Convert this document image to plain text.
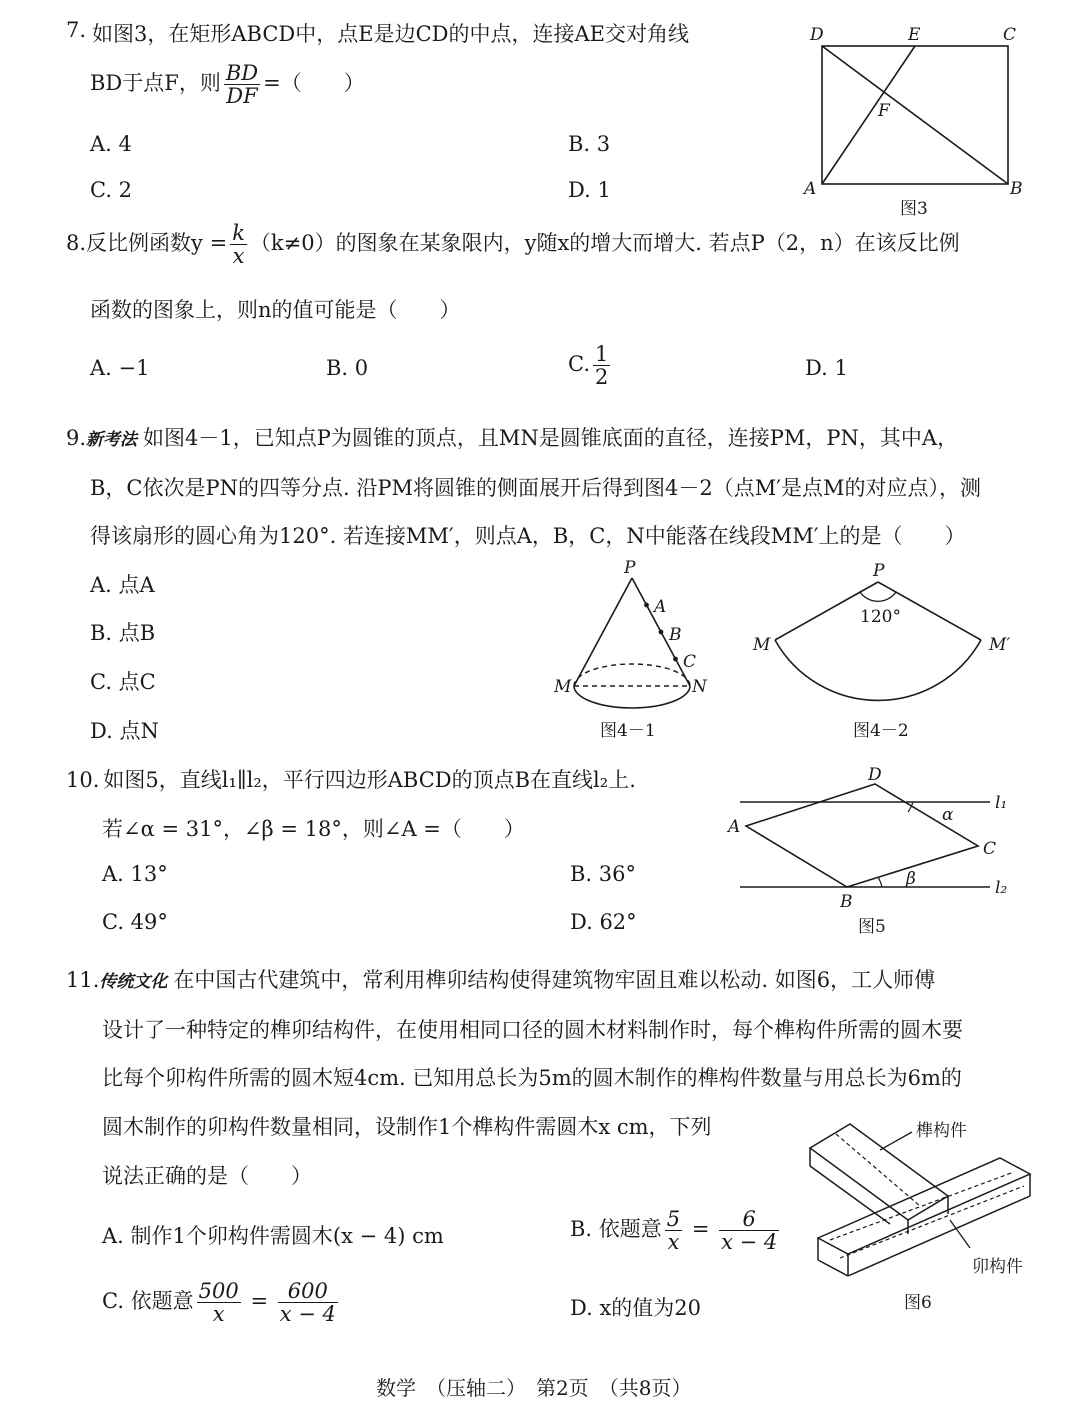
7. 如图3，在矩形ABCD中，点E是边CD的中点，连接AE交对角线
BD于点F，则 $\frac{BD}{DF}$ =（　　）
A. 4	B. 3
C. 2	D. 1
D	E	C
F
A	B
图3
8.反比例函数$y = \frac{k}{x} (k\ne 0)$的图象在某象限内，y随x的增大而增大. 若点P（2，n）在该反比例
函数的图象上，则n的值可能是（　　）
A. −1	B. 0	C. $\frac{1}{2}$	D. 1
9.新考法 如图4－1，已知点P为圆锥的顶点，且MN是圆锥底面的直径，连接PM，PN，其中A，
B，C依次是PN的四等分点. 沿PM将圆锥的侧面展开后得到图4－2（点M′是点M的对应点），测
得该扇形的圆心角为120°. 若连接MM′，则点A，B，C，N中能落在线段MM′上的是（　　）
A. 点A
B. 点B
C. 点C
D. 点N
P
A
B
C
M	N
图4－1
P
120°
M	M′
图4－2
10. 如图5，直线l₁∥l₂，平行四边形ABCD的顶点B在直线l₂上.
若∠α = 31°，∠β = 18°，则∠A =（　　）
A. 13°	B. 36°
C. 49°	D. 62°
D
A
C
B
α
β
l₁
l₂
图5
11.传统文化 在中国古代建筑中，常利用榫卯结构使得建筑物牢固且难以松动. 如图6，工人师傅
设计了一种特定的榫卯结构件，在使用相同口径的圆木材料制作时，每个榫构件所需的圆木要
比每个卯构件所需的圆木短4cm. 已知用总长为5m的圆木制作的榫构件数量与用总长为6m的
圆木制作的卯构件数量相同，设制作1个榫构件需圆木x cm，下列
说法正确的是（　　）
A. 制作1个卯构件需圆木(x − 4) cm	B. 依题意 $\frac{5}{x} = \frac{6}{x - 4}$
C. 依题意 $\frac{500}{x} = \frac{600}{x - 4}$	D. x的值为20
榫构件
卯构件
图6
数学　（压轴二）　第2页　（共8页）
